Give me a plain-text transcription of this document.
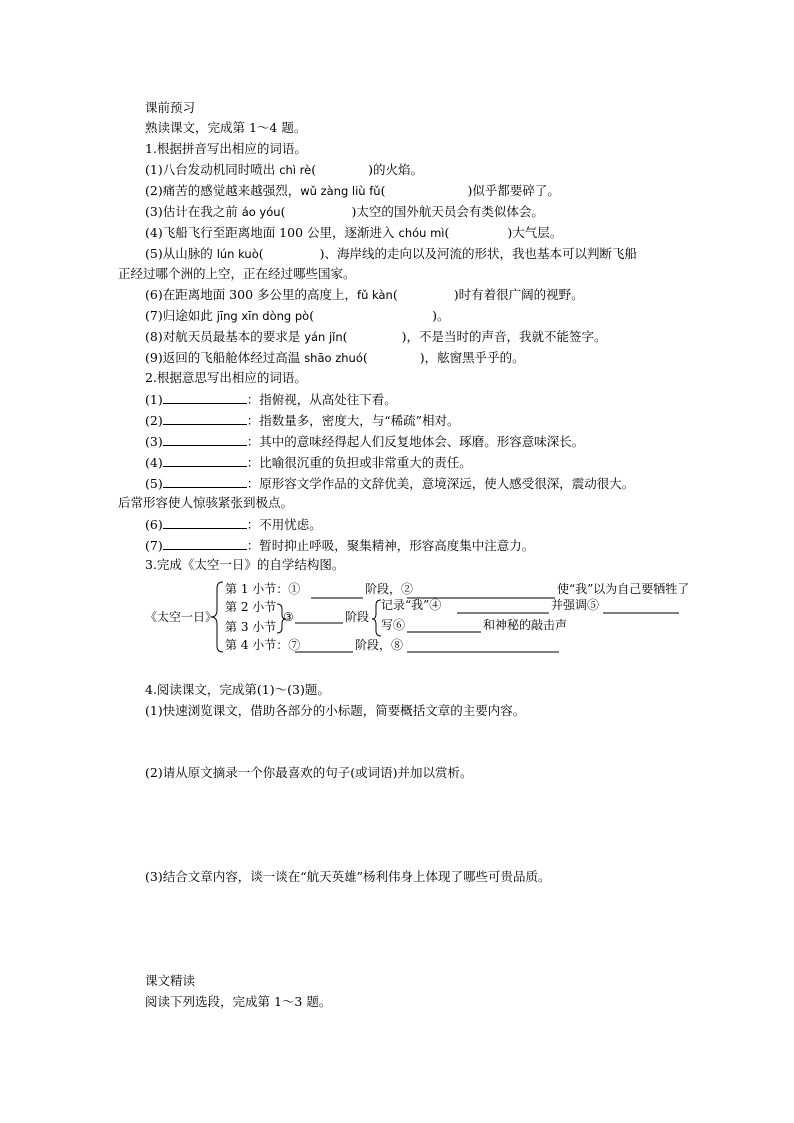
课前预习
熟读课文，完成第 1～4 题。
1.根据拼音写出相应的词语。
(1)八台发动机同时喷出 chì rè(	)的火焰。
(2)痛苦的感觉越来越强烈，wǔ zàng liù fǔ(	)似乎都要碎了。
(3)估计在我之前 áo yóu(	)太空的国外航天员会有类似体会。
(4)飞船飞行至距离地面 100 公里，逐渐进入 chóu mì(	)大气层。
(5)从山脉的 lún kuò(	)、海岸线的走向以及河流的形状，我也基本可以判断飞船
正经过哪个洲的上空，正在经过哪些国家。
(6)在距离地面 300 多公里的高度上，fǔ kàn(	)时有着很广阔的视野。
(7)归途如此 jīng xīn dòng pò(	)。
(8)对航天员最基本的要求是 yán jǐn(	)，不是当时的声音，我就不能签字。
(9)返回的飞船舱体经过高温 shāo zhuó(	)，舷窗黑乎乎的。
2.根据意思写出相应的词语。
(1)	：指俯视，从高处往下看。
(2)	：指数量多，密度大，与“稀疏”相对。
(3)	：其中的意味经得起人们反复地体会、琢磨。形容意味深长。
(4)	：比喻很沉重的负担或非常重大的责任。
(5)	：原形容文学作品的文辞优美，意境深远，使人感受很深，震动很大。
后常形容使人惊骇紧张到极点。
(6)	：不用忧虑。
(7)	：暂时抑止呼吸，聚集精神，形容高度集中注意力。
3.完成《太空一日》的自学结构图。
《太空一日》
第 1 小节：①	阶段，②	使“我”以为自己要牺牲了
第 2 小节
第 3 小节
③	阶段
记录“我”④	并强调⑤
写⑥	和神秘的敲击声
第 4 小节：⑦	阶段，⑧
4.阅读课文，完成第(1)～(3)题。
(1)快速浏览课文，借助各部分的小标题，简要概括文章的主要内容。
(2)请从原文摘录一个你最喜欢的句子(或词语)并加以赏析。
(3)结合文章内容，谈一谈在“航天英雄”杨利伟身上体现了哪些可贵品质。
课文精读
阅读下列选段，完成第 1～3 题。
